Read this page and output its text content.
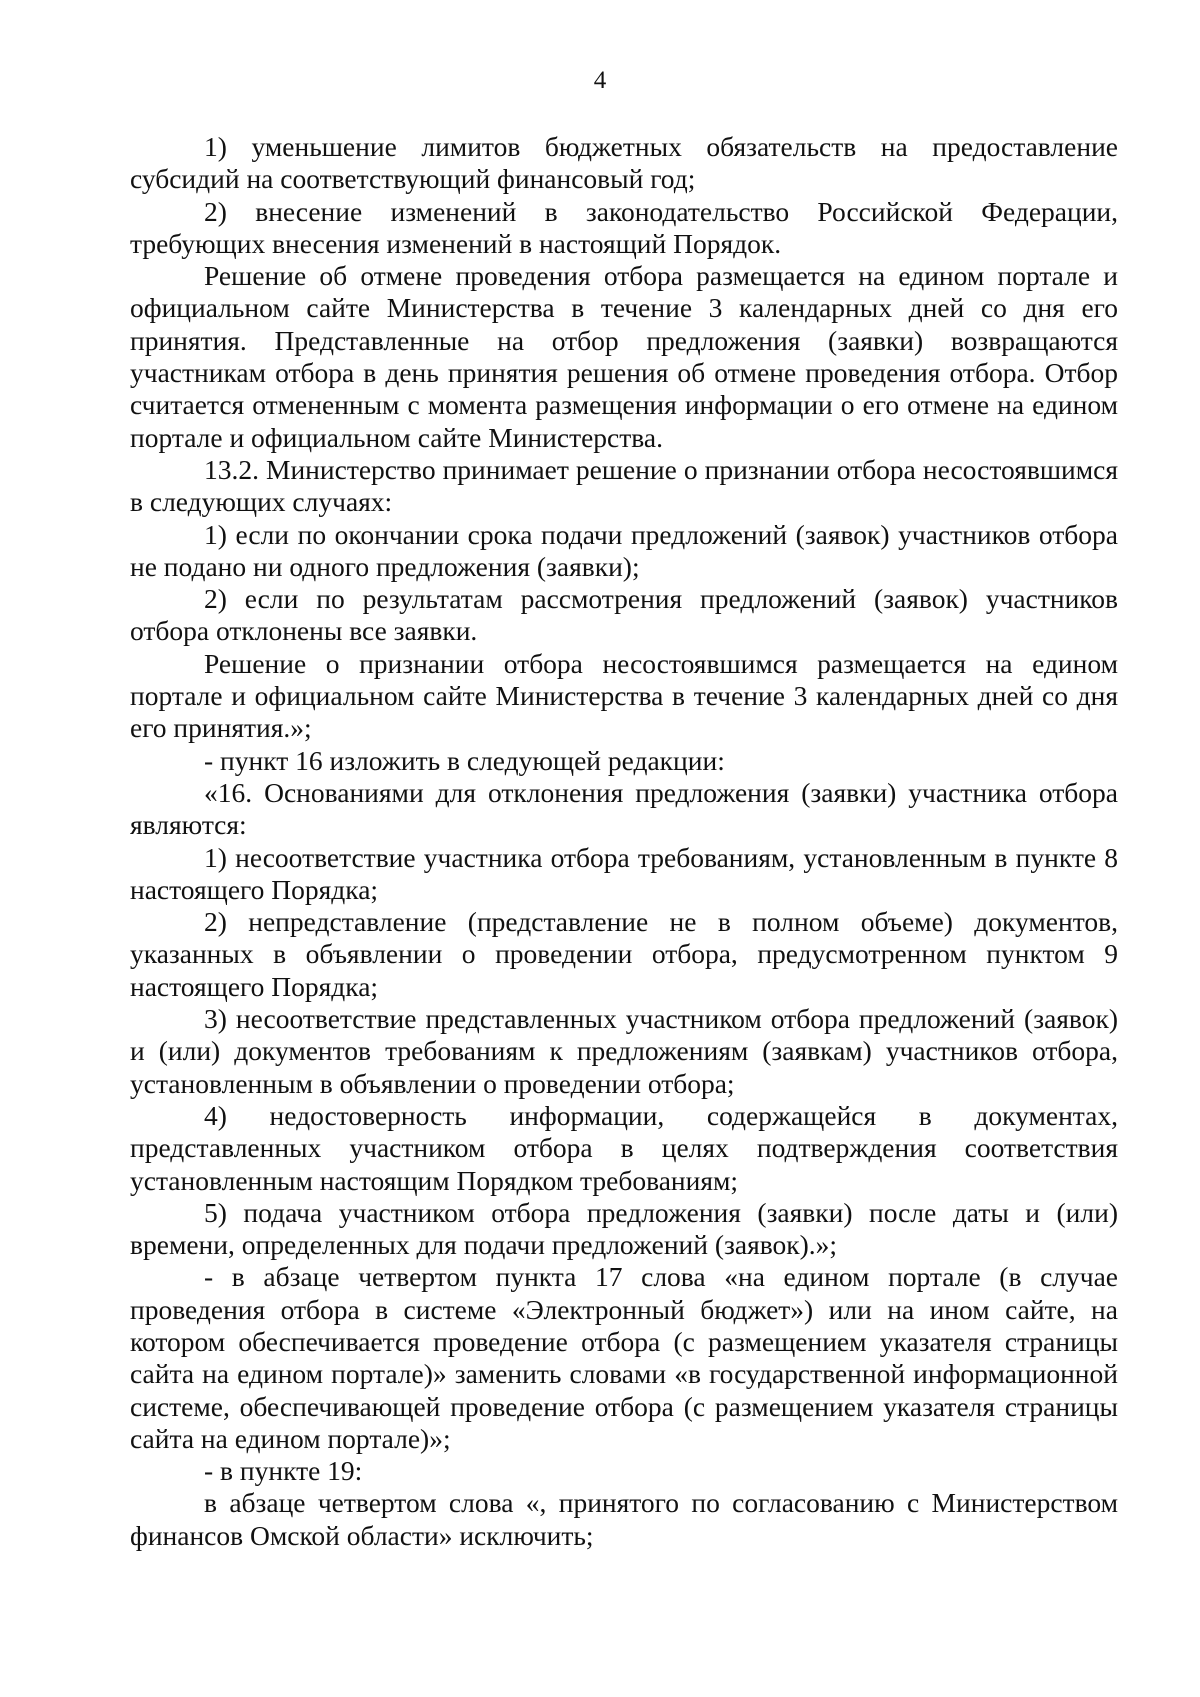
4

1) уменьшение лимитов бюджетных обязательств на предоставление субсидий на соответствующий финансовый год;

2) внесение изменений в законодательство Российской Федерации, требующих внесения изменений в настоящий Порядок.

Решение об отмене проведения отбора размещается на едином портале и официальном сайте Министерства в течение 3 календарных дней со дня его принятия. Представленные на отбор предложения (заявки) возвращаются участникам отбора в день принятия решения об отмене проведения отбора. Отбор считается отмененным с момента размещения информации о его отмене на едином портале и официальном сайте Министерства.

13.2. Министерство принимает решение о признании отбора несостоявшимся в следующих случаях:

1) если по окончании срока подачи предложений (заявок) участников отбора не подано ни одного предложения (заявки);

2) если по результатам рассмотрения предложений (заявок) участников отбора отклонены все заявки.

Решение о признании отбора несостоявшимся размещается на едином портале и официальном сайте Министерства в течение 3 календарных дней со дня его принятия.»;

- пункт 16 изложить в следующей редакции:

«16. Основаниями для отклонения предложения (заявки) участника отбора являются:

1) несоответствие участника отбора требованиям, установленным в пункте 8 настоящего Порядка;

2) непредставление (представление не в полном объеме) документов, указанных в объявлении о проведении отбора, предусмотренном пунктом 9 настоящего Порядка;

3) несоответствие представленных участником отбора предложений (заявок) и (или) документов требованиям к предложениям (заявкам) участников отбора, установленным в объявлении о проведении отбора;

4) недостоверность информации, содержащейся в документах, представленных участником отбора в целях подтверждения соответствия установленным настоящим Порядком требованиям;

5) подача участником отбора предложения (заявки) после даты и (или) времени, определенных для подачи предложений (заявок).»;

- в абзаце четвертом пункта 17 слова «на едином портале (в случае проведения отбора в системе «Электронный бюджет») или на ином сайте, на котором обеспечивается проведение отбора (с размещением указателя страницы сайта на едином портале)» заменить словами «в государственной информационной системе, обеспечивающей проведение отбора (с размещением указателя страницы сайта на едином портале)»;

- в пункте 19:

в абзаце четвертом слова «, принятого по согласованию с Министерством финансов Омской области» исключить;
